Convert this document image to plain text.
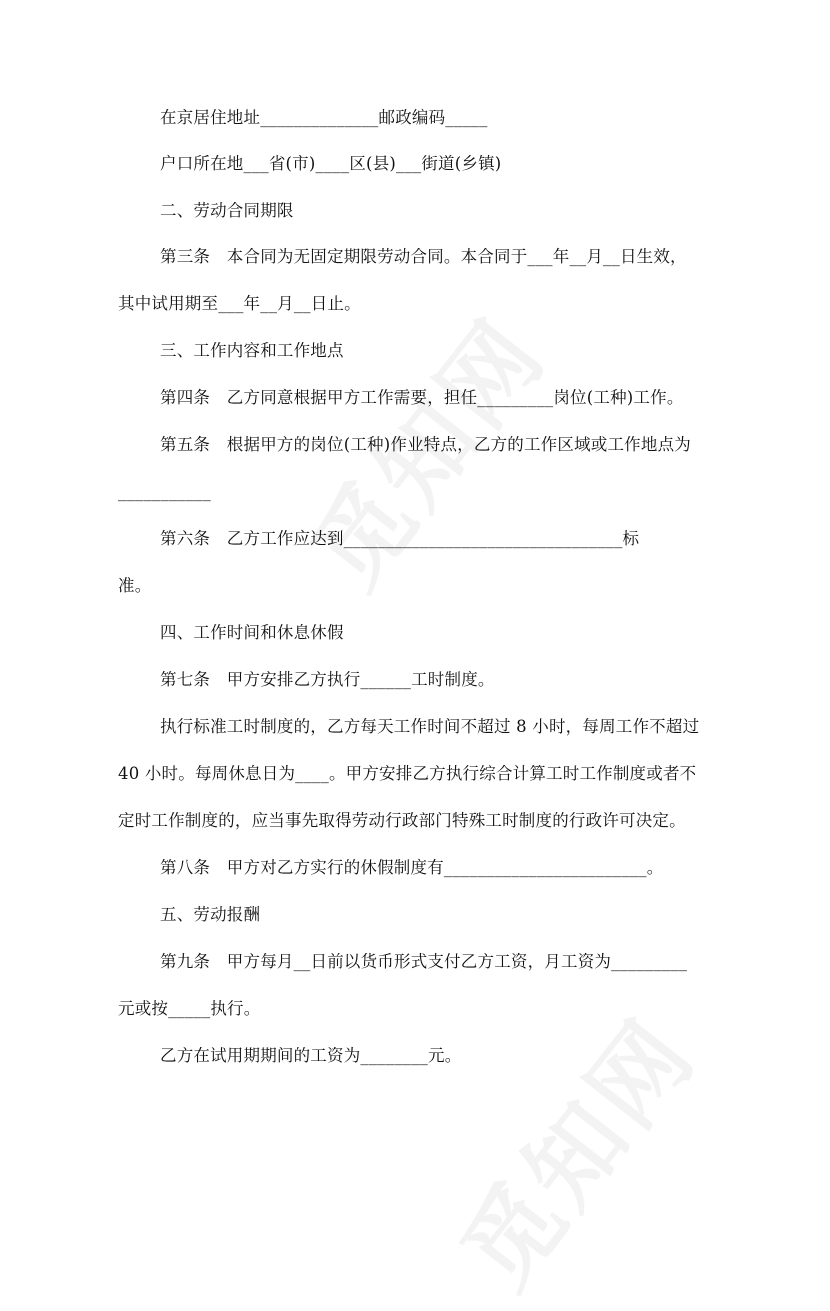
在京居住地址______________邮政编码_____
户口所在地___省(市)____区(县)___街道(乡镇)
二、劳动合同期限
第三条　本合同为无固定期限劳动合同。本合同于___年__月__日生效，
其中试用期至___年__月__日止。
三、工作内容和工作地点
第四条　乙方同意根据甲方工作需要，担任_________岗位(工种)工作。
第五条　根据甲方的岗位(工种)作业特点，乙方的工作区域或工作地点为
___________
第六条　乙方工作应达到_________________________________标
准。
四、工作时间和休息休假
第七条　甲方安排乙方执行______工时制度。
执行标准工时制度的，乙方每天工作时间不超过 8 小时，每周工作不超过
40 小时。每周休息日为____。甲方安排乙方执行综合计算工时工作制度或者不
定时工作制度的，应当事先取得劳动行政部门特殊工时制度的行政许可决定。
第八条　甲方对乙方实行的休假制度有________________________。
五、劳动报酬
第九条　甲方每月__日前以货币形式支付乙方工资，月工资为_________
元或按_____执行。
乙方在试用期期间的工资为________元。
